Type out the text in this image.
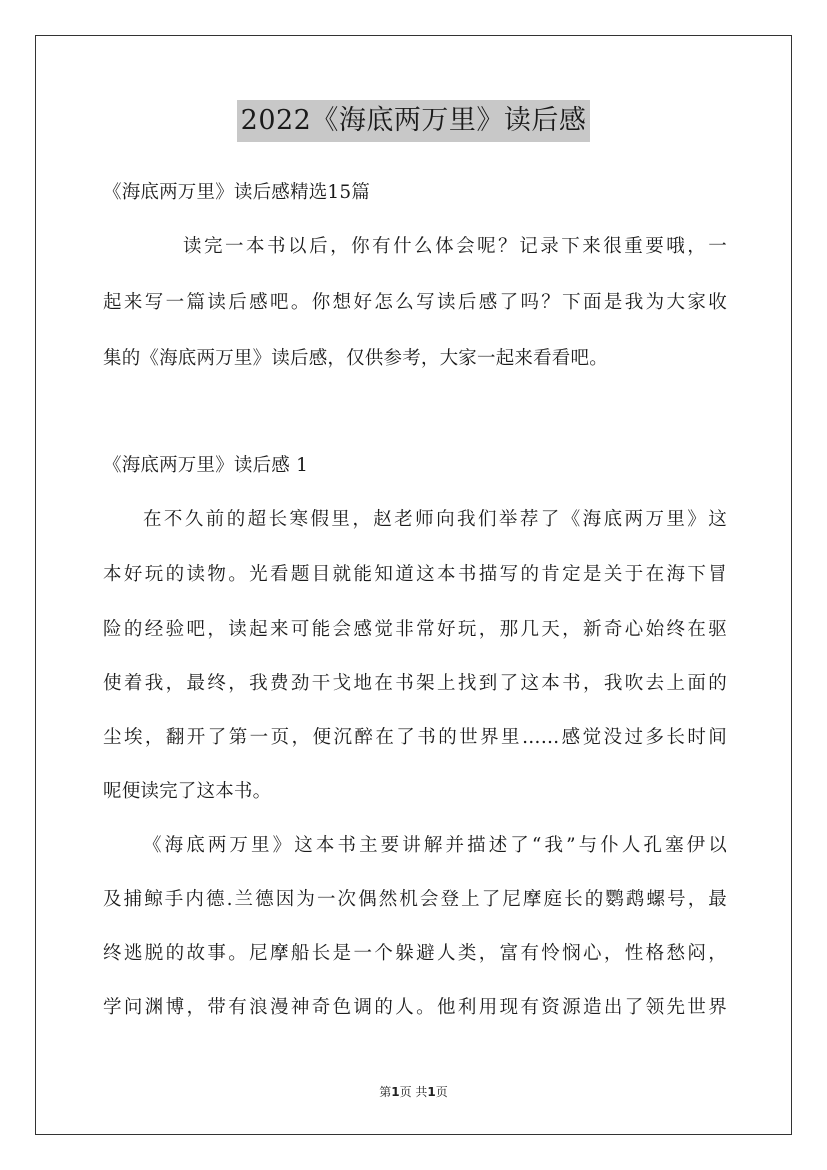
2022《海底两万里》读后感
《海底两万里》读后感精选15篇
读完一本书以后，你有什么体会呢？记录下来很重要哦，一
起来写一篇读后感吧。你想好怎么写读后感了吗？下面是我为大家收
集的《海底两万里》读后感，仅供参考，大家一起来看看吧。
《海底两万里》读后感 1
在不久前的超长寒假里，赵老师向我们举荐了《海底两万里》这
本好玩的读物。光看题目就能知道这本书描写的肯定是关于在海下冒
险的经验吧，读起来可能会感觉非常好玩，那几天，新奇心始终在驱
使着我，最终，我费劲干戈地在书架上找到了这本书，我吹去上面的
尘埃，翻开了第一页，便沉醉在了书的世界里……感觉没过多长时间
呢便读完了这本书。
《海底两万里》这本书主要讲解并描述了“我”与仆人孔塞伊以
及捕鲸手内德.兰德因为一次偶然机会登上了尼摩庭长的鹦鹉螺号，最
终逃脱的故事。尼摩船长是一个躲避人类，富有怜悯心，性格愁闷，
学问渊博，带有浪漫神奇色调的人。他利用现有资源造出了领先世界
第1页 共1页
